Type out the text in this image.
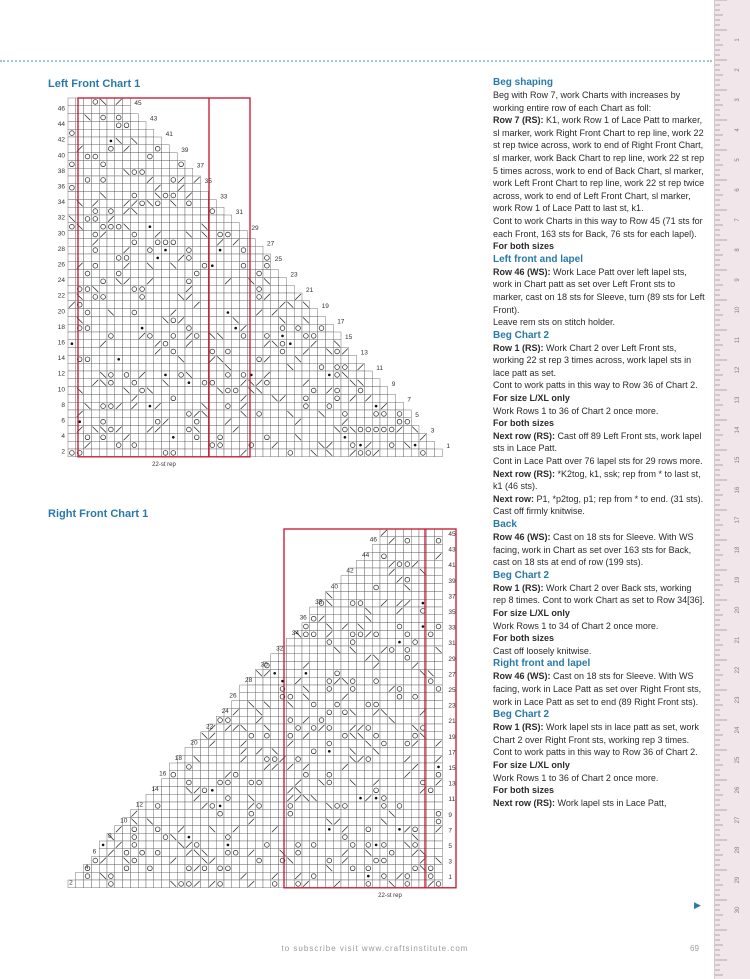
Left Front Chart 1
22-st rep
46
44
42
40
38
36
34
32
30
28
26
24
22
20
18
16
14
12
10
8
6
4
2
45
43
41
39
37
35
33
31
29
27
25
23
21
19
17
15
13
11
9
7
5
3
1
Right Front Chart 1
22-st rep
46
44
42
40
38
36
34
32
30
28
26
24
22
20
18
16
14
12
10
8
6
4
2
45
43
41
39
37
35
33
31
29
27
25
23
21
19
17
15
13
11
9
7
5
3
1

Beg shaping

Beg with Row 7, work Charts with increases by working entire row of each Chart as foll:

Row 7 (RS): K1, work Row 1 of Lace Patt to marker, sl marker, work Right Front Chart to rep line, work 22 st rep twice across, work to end of Right Front Chart, sl marker, work Back Chart to rep line, work 22 st rep 5 times across, work to end of Back Chart, sl marker, work Left Front Chart to rep line, work 22 st rep twice across, work to end of Left Front Chart, sl marker, work Row 1 of Lace Patt to last st, k1.

Cont to work Charts in this way to Row 45 (71 sts for each Front, 163 sts for Back, 76 sts for each lapel).

For both sizes

Left front and lapel

Row 46 (WS): Work Lace Patt over left lapel sts, work in Chart patt as set over Left Front sts to marker, cast on 18 sts for Sleeve, turn (89 sts for Left Front).

Leave rem sts on stitch holder.

Beg Chart 2

Row 1 (RS): Work Chart 2 over Left Front sts, working 22 st rep 3 times across, work lapel sts in lace patt as set.

Cont to work patts in this way to Row 36 of Chart 2.

For size L/XL only

Work Rows 1 to 36 of Chart 2 once more.

For both sizes

Next row (RS): Cast off 89 Left Front sts, work lapel sts in Lace Patt.

Cont in Lace Patt over 76 lapel sts for 29 rows more.

Next row (RS): *K2tog, k1, ssk; rep from * to last st, k1 (46 sts).

Next row: P1, *p2tog, p1; rep from * to end. (31 sts).

Cast off firmly knitwise.

Back

Row 46 (WS): Cast on 18 sts for Sleeve. With WS facing, work in Chart as set over 163 sts for Back, cast on 18 sts at end of row (199 sts).

Beg Chart 2

Row 1 (RS): Work Chart 2 over Back sts, working rep 8 times. Cont to work Chart as set to Row 34[36].

For size L/XL only

Work Rows 1 to 34 of Chart 2 once more.

For both sizes

Cast off loosely knitwise.

Right front and lapel

Row 46 (WS): Cast on 18 sts for Sleeve. With WS facing, work in Lace Patt as set over Right Front sts, work in Lace Patt as set to end (89 Right Front sts).

Beg Chart 2

Row 1 (RS): Work lapel sts in lace patt as set, work Chart 2 over Right Front sts, working rep 3 times.

Cont to work patts in this way to Row 36 of Chart 2.

For size L/XL only

Work Rows 1 to 36 of Chart 2 once more.

For both sizes

Next row (RS): Work lapel sts in Lace Patt,

▶
to subscribe visit www.craftsinstitute.com	69
1
2
3
4
5
6
7
8
9
10
11
12
13
14
15
16
17
18
19
20
21
22
23
24
25
26
27
28
29
30
